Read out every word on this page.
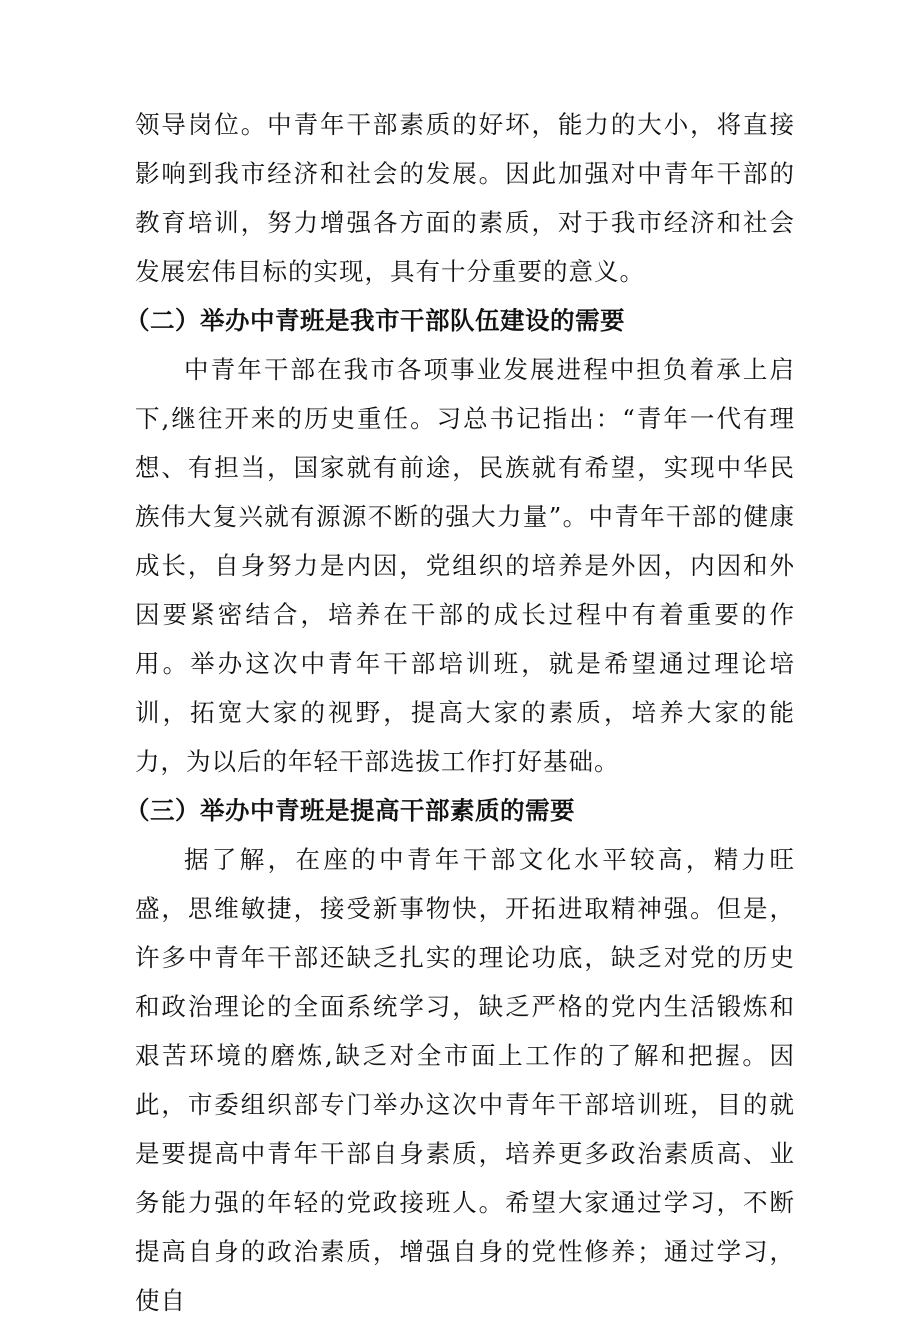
领导岗位。中青年干部素质的好坏，能力的大小，将直接影响到我市经济和社会的发展。因此加强对中青年干部的教育培训，努力增强各方面的素质，对于我市经济和社会发展宏伟目标的实现，具有十分重要的意义。

（二）举办中青班是我市干部队伍建设的需要

中青年干部在我市各项事业发展进程中担负着承上启下,继往开来的历史重任。习总书记指出：“青年一代有理想、有担当，国家就有前途，民族就有希望，实现中华民族伟大复兴就有源源不断的强大力量”。中青年干部的健康成长，自身努力是内因，党组织的培养是外因，内因和外因要紧密结合，培养在干部的成长过程中有着重要的作用。举办这次中青年干部培训班，就是希望通过理论培训，拓宽大家的视野，提高大家的素质，培养大家的能力，为以后的年轻干部选拔工作打好基础。

（三）举办中青班是提高干部素质的需要

据了解，在座的中青年干部文化水平较高，精力旺盛，思维敏捷，接受新事物快，开拓进取精神强。但是，许多中青年干部还缺乏扎实的理论功底，缺乏对党的历史和政治理论的全面系统学习，缺乏严格的党内生活锻炼和艰苦环境的磨炼,缺乏对全市面上工作的了解和把握。因此，市委组织部专门举办这次中青年干部培训班，目的就是要提高中青年干部自身素质，培养更多政治素质高、业务能力强的年轻的党政接班人。希望大家通过学习，不断提高自身的政治素质，增强自身的党性修养；通过学习，使自
